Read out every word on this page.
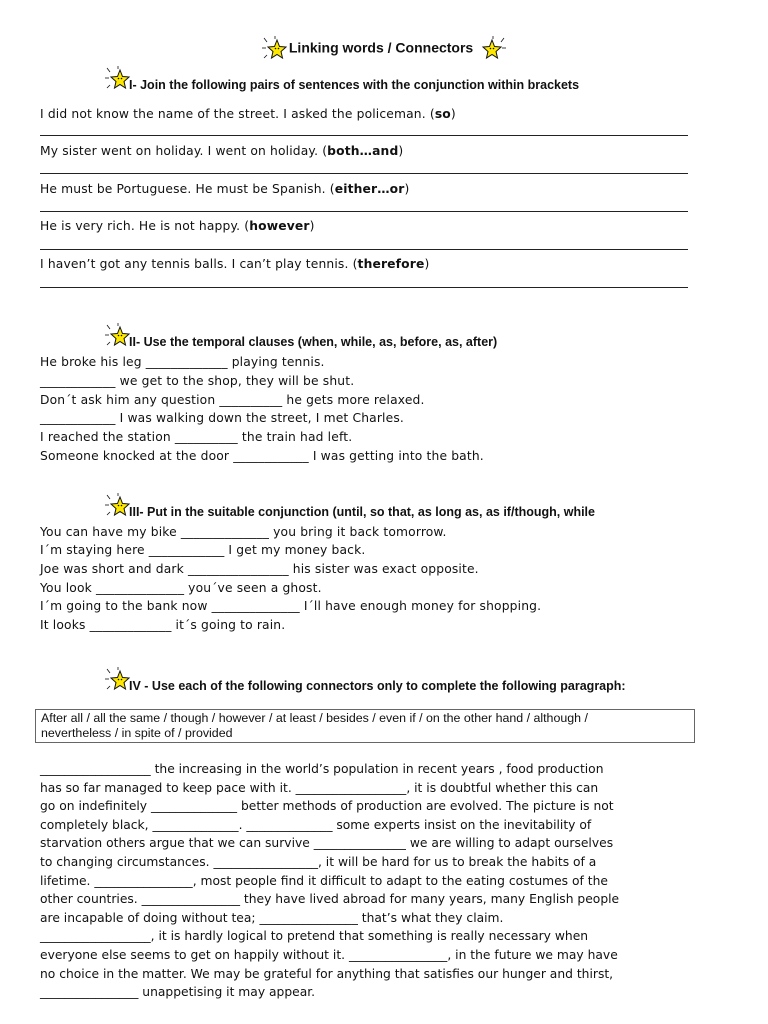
Linking words / Connectors
I- Join the following pairs of sentences with the conjunction within brackets
I did not know the name of the street. I asked the policeman. (so)
My sister went on holiday. I went on holiday. (both…and)
He must be Portuguese. He must be Spanish. (either…or)
He is very rich. He is not happy. (however)
I haven’t got any tennis balls. I can’t play tennis. (therefore)
II- Use the temporal clauses (when, while, as, before, as, after)
He broke his leg _____________ playing tennis.
____________ we get to the shop, they will be shut.
Don´t ask him any question __________ he gets more relaxed.
____________ I was walking down the street, I met Charles.
I reached the station __________ the train had left.
Someone knocked at the door ____________ I was getting into the bath.
III- Put in the suitable conjunction (until, so that, as long as, as if/though, while
You can have my bike ______________ you bring it back tomorrow.
I´m staying here ____________ I get my money back.
Joe was short and dark ________________ his sister was exact opposite.
You look ______________ you´ve seen a ghost.
I´m going to the bank now ______________ I´ll have enough money for shopping.
It looks _____________ it´s going to rain.
IV - Use each of the following connectors only to complete the following paragraph:
After all / all the same / though / however / at least / besides / even if / on the other hand / although /
nevertheless / in spite of / provided
__________________ the increasing in the world’s population in recent years , food production
has so far managed to keep pace with it. __________________, it is doubtful whether this can
go on indefinitely ______________ better methods of production are evolved. The picture is not
completely black, ______________. ______________ some experts insist on the inevitability of
starvation others argue that we can survive _______________ we are willing to adapt ourselves
to changing circumstances. _________________, it will be hard for us to break the habits of a
lifetime. ________________, most people find it difficult to adapt to the eating costumes of the
other countries. ________________ they have lived abroad for many years, many English people
are incapable of doing without tea; ________________ that’s what they claim.
__________________, it is hardly logical to pretend that something is really necessary when
everyone else seems to get on happily without it. ________________, in the future we may have
no choice in the matter. We may be grateful for anything that satisfies our hunger and thirst,
________________ unappetising it may appear.
